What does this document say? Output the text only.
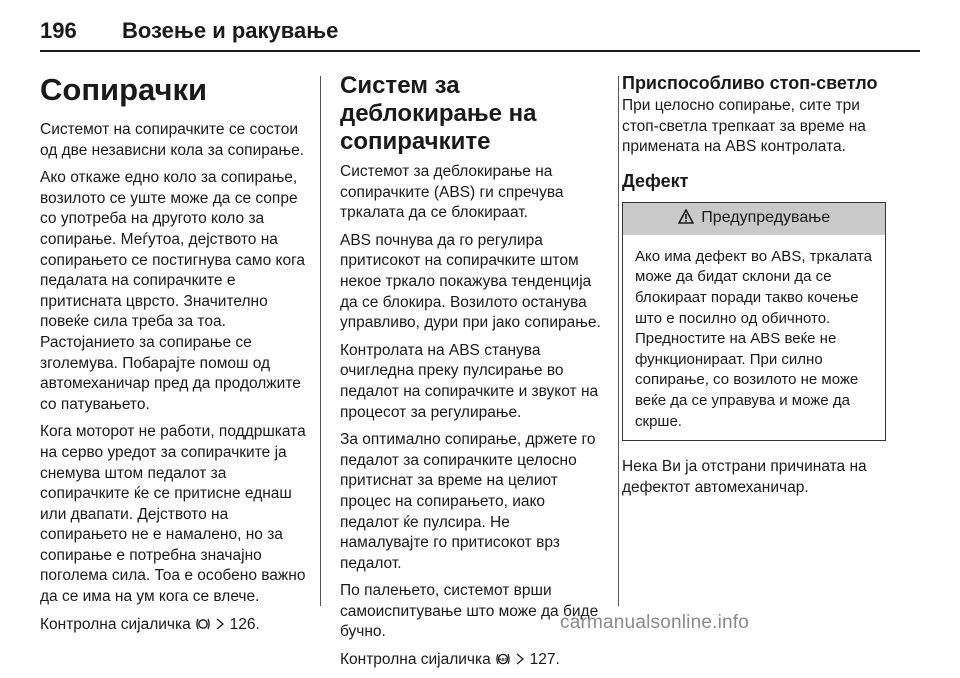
196 Возење и ракување
Сопирачки

Системот на сопирачките се состои од две независни кола за сопирање.

Ако откаже едно коло за сопирање, возилото се уште може да се сопре со употреба на другото коло за сопирање. Меѓутоа, дејството на сопирањето се постигнува само кога педалата на сопирачките е притисната цврсто. Значително повеќе сила треба за тоа. Растојанието за сопирање се зголемува. Побарајте помош од автомеханичар пред да продолжите со патувањето.

Кога моторот не работи, поддршката на серво уредот за сопирачките ја снемува штом педалот за сопирачките ќе се притисне еднаш или двапати. Дејството на сопирањето не е намалено, но за сопирање е потребна значајно поголема сила. Тоа е особено важно да се има на ум кога се влече.

Контролна сијаличка	126.

Систем за деблокирање на сопирачките

Системот за деблокирање на сопирачките (ABS) ги спречува тркалата да се блокираат.

ABS почнува да го регулира притисокот на сопирачките штом некое тркало покажува тенденција да се блокира. Возилото останува управливо, дури при јако сопирање.

Контролата на ABS станува очигледна преку пулсирање во педалот на сопирачките и звукот на процесот за регулирање.

За оптимално сопирање, држете го педалот за сопирачките целосно притиснат за време на целиот процес на сопирањето, иако педалот ќе пулсира. Не намалувајте го притисокот врз педалот.

По палењето, системот врши самоиспитување што може да биде бучно.

Контролна сијаличка ABS 127.

Приспособливо стоп-светло

При целосно сопирање, сите три стоп-светла трепкаат за време на применатa на ABS контролата.

Дефект
Предупредување

Ако има дефект во ABS, тркалата може да бидат склони да се блокираат поради такво кочење што е посилно од обичното. Предностите на ABS веќе не функционираат. При силно сопирање, со возилото не може веќе да се управува и може да скрше.

Нека Ви ја отстрани причината на дефектот автомеханичар.

carmanualsonline.info
